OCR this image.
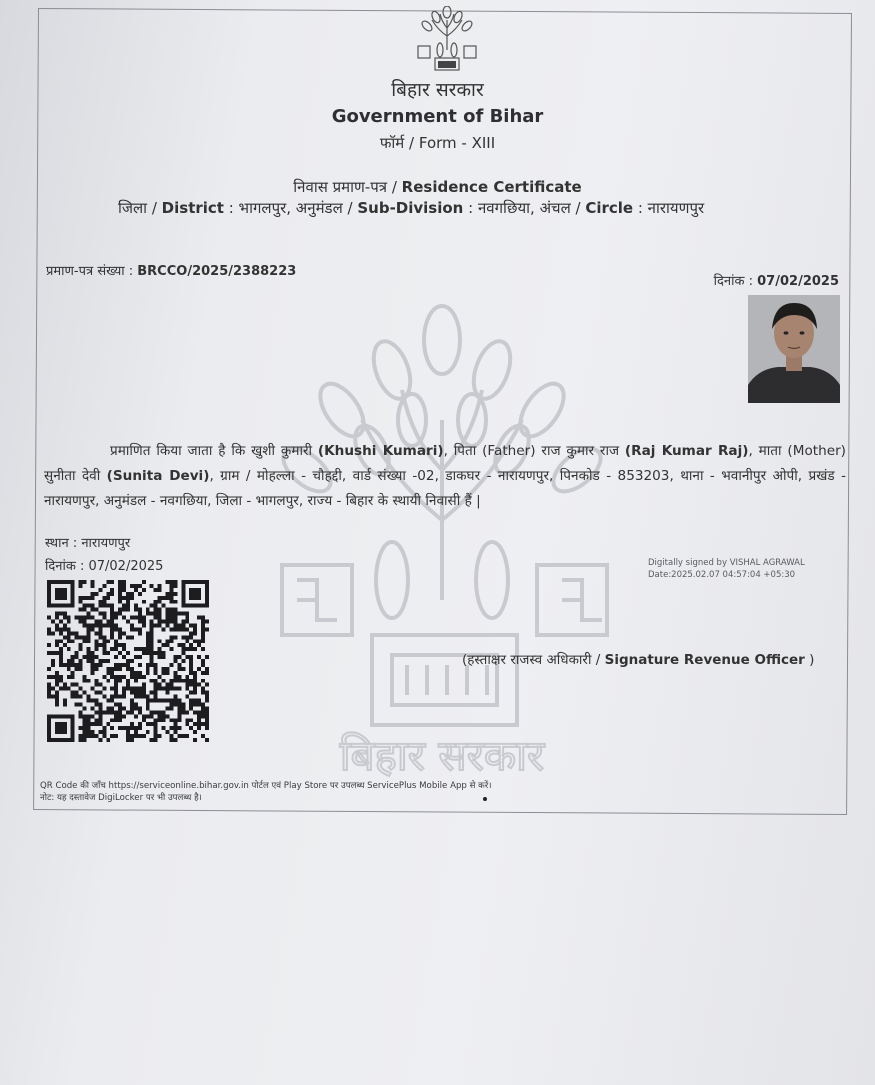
बिहार सरकार
बिहार सरकार
Government of Bihar
फॉर्म / Form - XIII
निवास प्रमाण-पत्र / Residence Certificate
जिला / District : भागलपुर, अनुमंडल / Sub-Division : नवगछिया, अंचल / Circle : नारायणपुर
प्रमाण-पत्र संख्या : BRCCO/2025/2388223
दिनांक : 07/02/2025
प्रमाणित किया जाता है कि खुशी कुमारी (Khushi Kumari), पिता (Father) राज कुमार राज (Raj Kumar Raj), माता (Mother) सुनीता देवी (Sunita Devi), ग्राम / मोहल्ला - चौहद्दी, वार्ड संख्या -02, डाकघर - नारायणपुर, पिनकोड - 853203, थाना - भवानीपुर ओपी, प्रखंड - नारायणपुर, अनुमंडल - नवगछिया, जिला - भागलपुर, राज्य - बिहार के स्थायी निवासी हैं |
स्थान : नारायणपुर
दिनांक : 07/02/2025	Digitally signed by VISHAL AGRAWAL
Date:2025.02.07 04:57:04 +05:30
(हस्ताक्षर राजस्व अधिकारी / Signature Revenue Officer )
QR Code की जाँच https://serviceonline.bihar.gov.in पोर्टल एवं Play Store पर उपलब्ध ServicePlus Mobile App से करें।
नोट: यह दस्तावेज DigiLocker पर भी उपलब्ध है।
